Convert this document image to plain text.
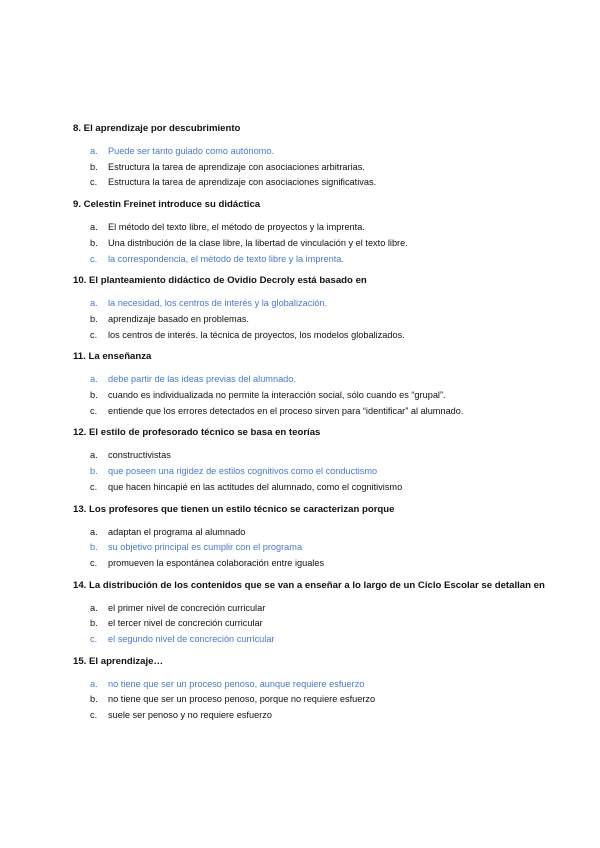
8. El aprendizaje por descubrimiento
a.	Puede ser tanto guiado como autónomo.
b.	Estructura la tarea de aprendizaje con asociaciones arbitrarias.
c.	Estructura la tarea de aprendizaje con asociaciones significativas.
9. Celestin Freinet introduce su didáctica
a.	El método del texto libre, el método de proyectos y la imprenta.
b.	Una distribución de la clase libre, la libertad de vinculación y el texto libre.
c.	la correspondencia, el método de texto libre y la imprenta.
10. El planteamiento didáctico de Ovidio Decroly está basado en
a.	la necesidad, los centros de interés y la globalización.
b.	aprendizaje basado en problemas.
c.	los centros de interés. la técnica de proyectos, los modelos globalizados.
11. La enseñanza
a.	debe partir de las ideas previas del alumnado.
b.	cuando es individualizada no permite la interacción social, sólo cuando es “grupal”.
c.	entiende que los errores detectados en el proceso sirven para “identificar” al alumnado.
12. El estilo de profesorado técnico se basa en teorías
a.	constructivistas
b.	que poseen una rigidez de estilos cognitivos como el conductismo
c.	que hacen hincapié en las actitudes del alumnado, como el cognitivismo
13. Los profesores que tienen un estilo técnico se caracterizan porque
a.	adaptan el programa al alumnado
b.	su objetivo principal es cumplir con el programa
c.	promueven la espontánea colaboración entre iguales
14. La distribución de los contenidos que se van a enseñar a lo largo de un Ciclo Escolar se detallan en
a.	el primer nivel de concreción curricular
b.	el tercer nivel de concreción curricular
c.	el segundo nivel de concreción curricular
15. El aprendizaje…
a.	no tiene que ser un proceso penoso, aunque requiere esfuerzo
b.	no tiene que ser un proceso penoso, porque no requiere esfuerzo
c.	suele ser penoso y no requiere esfuerzo
